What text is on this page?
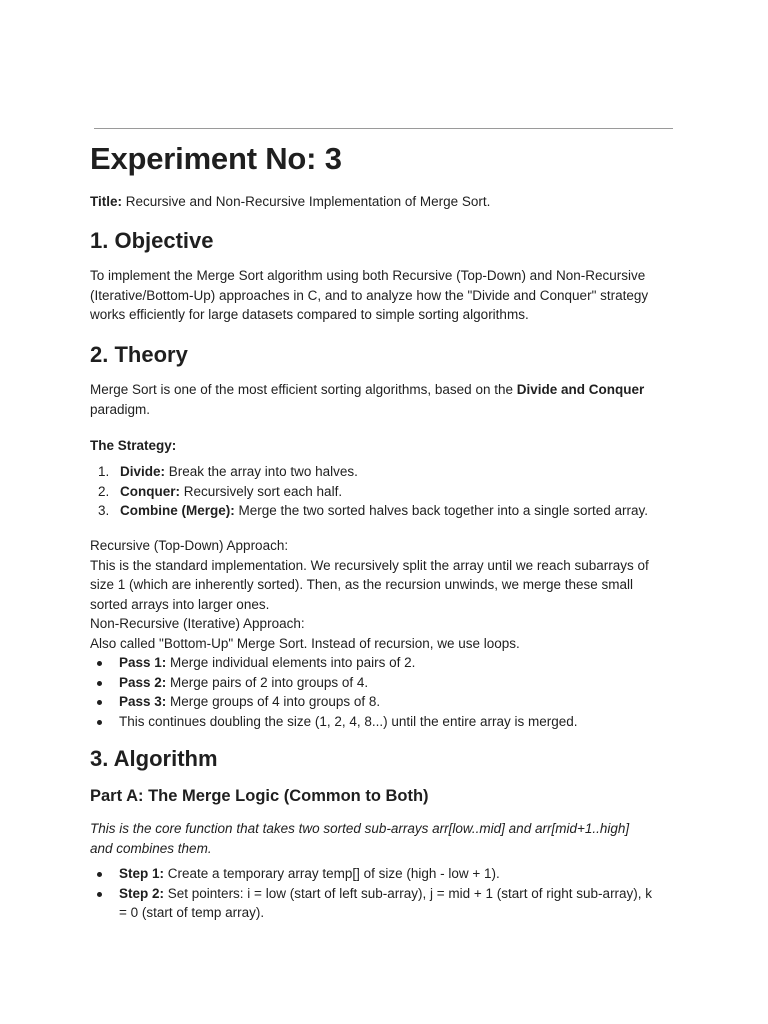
Experiment No: 3

Title: Recursive and Non-Recursive Implementation of Merge Sort.

1. Objective

To implement the Merge Sort algorithm using both Recursive (Top-Down) and Non-Recursive
(Iterative/Bottom-Up) approaches in C, and to analyze how the "Divide and Conquer" strategy
works efficiently for large datasets compared to simple sorting algorithms.

2. Theory

Merge Sort is one of the most efficient sorting algorithms, based on the Divide and Conquer
paradigm.

The Strategy:

1. Divide: Break the array into two halves.
2. Conquer: Recursively sort each half.
3. Combine (Merge): Merge the two sorted halves back together into a single sorted array.

Recursive (Top-Down) Approach:
This is the standard implementation. We recursively split the array until we reach subarrays of
size 1 (which are inherently sorted). Then, as the recursion unwinds, we merge these small
sorted arrays into larger ones.
Non-Recursive (Iterative) Approach:
Also called "Bottom-Up" Merge Sort. Instead of recursion, we use loops.

Pass 1: Merge individual elements into pairs of 2.
Pass 2: Merge pairs of 2 into groups of 4.
Pass 3: Merge groups of 4 into groups of 8.
This continues doubling the size (1, 2, 4, 8...) until the entire array is merged.
3. Algorithm
Part A: The Merge Logic (Common to Both)

This is the core function that takes two sorted sub-arrays arr[low..mid] and arr[mid+1..high]
and combines them.

Step 1: Create a temporary array temp[] of size (high - low + 1).
Step 2: Set pointers: i = low (start of left sub-array), j = mid + 1 (start of right sub-array), k
= 0 (start of temp array).
